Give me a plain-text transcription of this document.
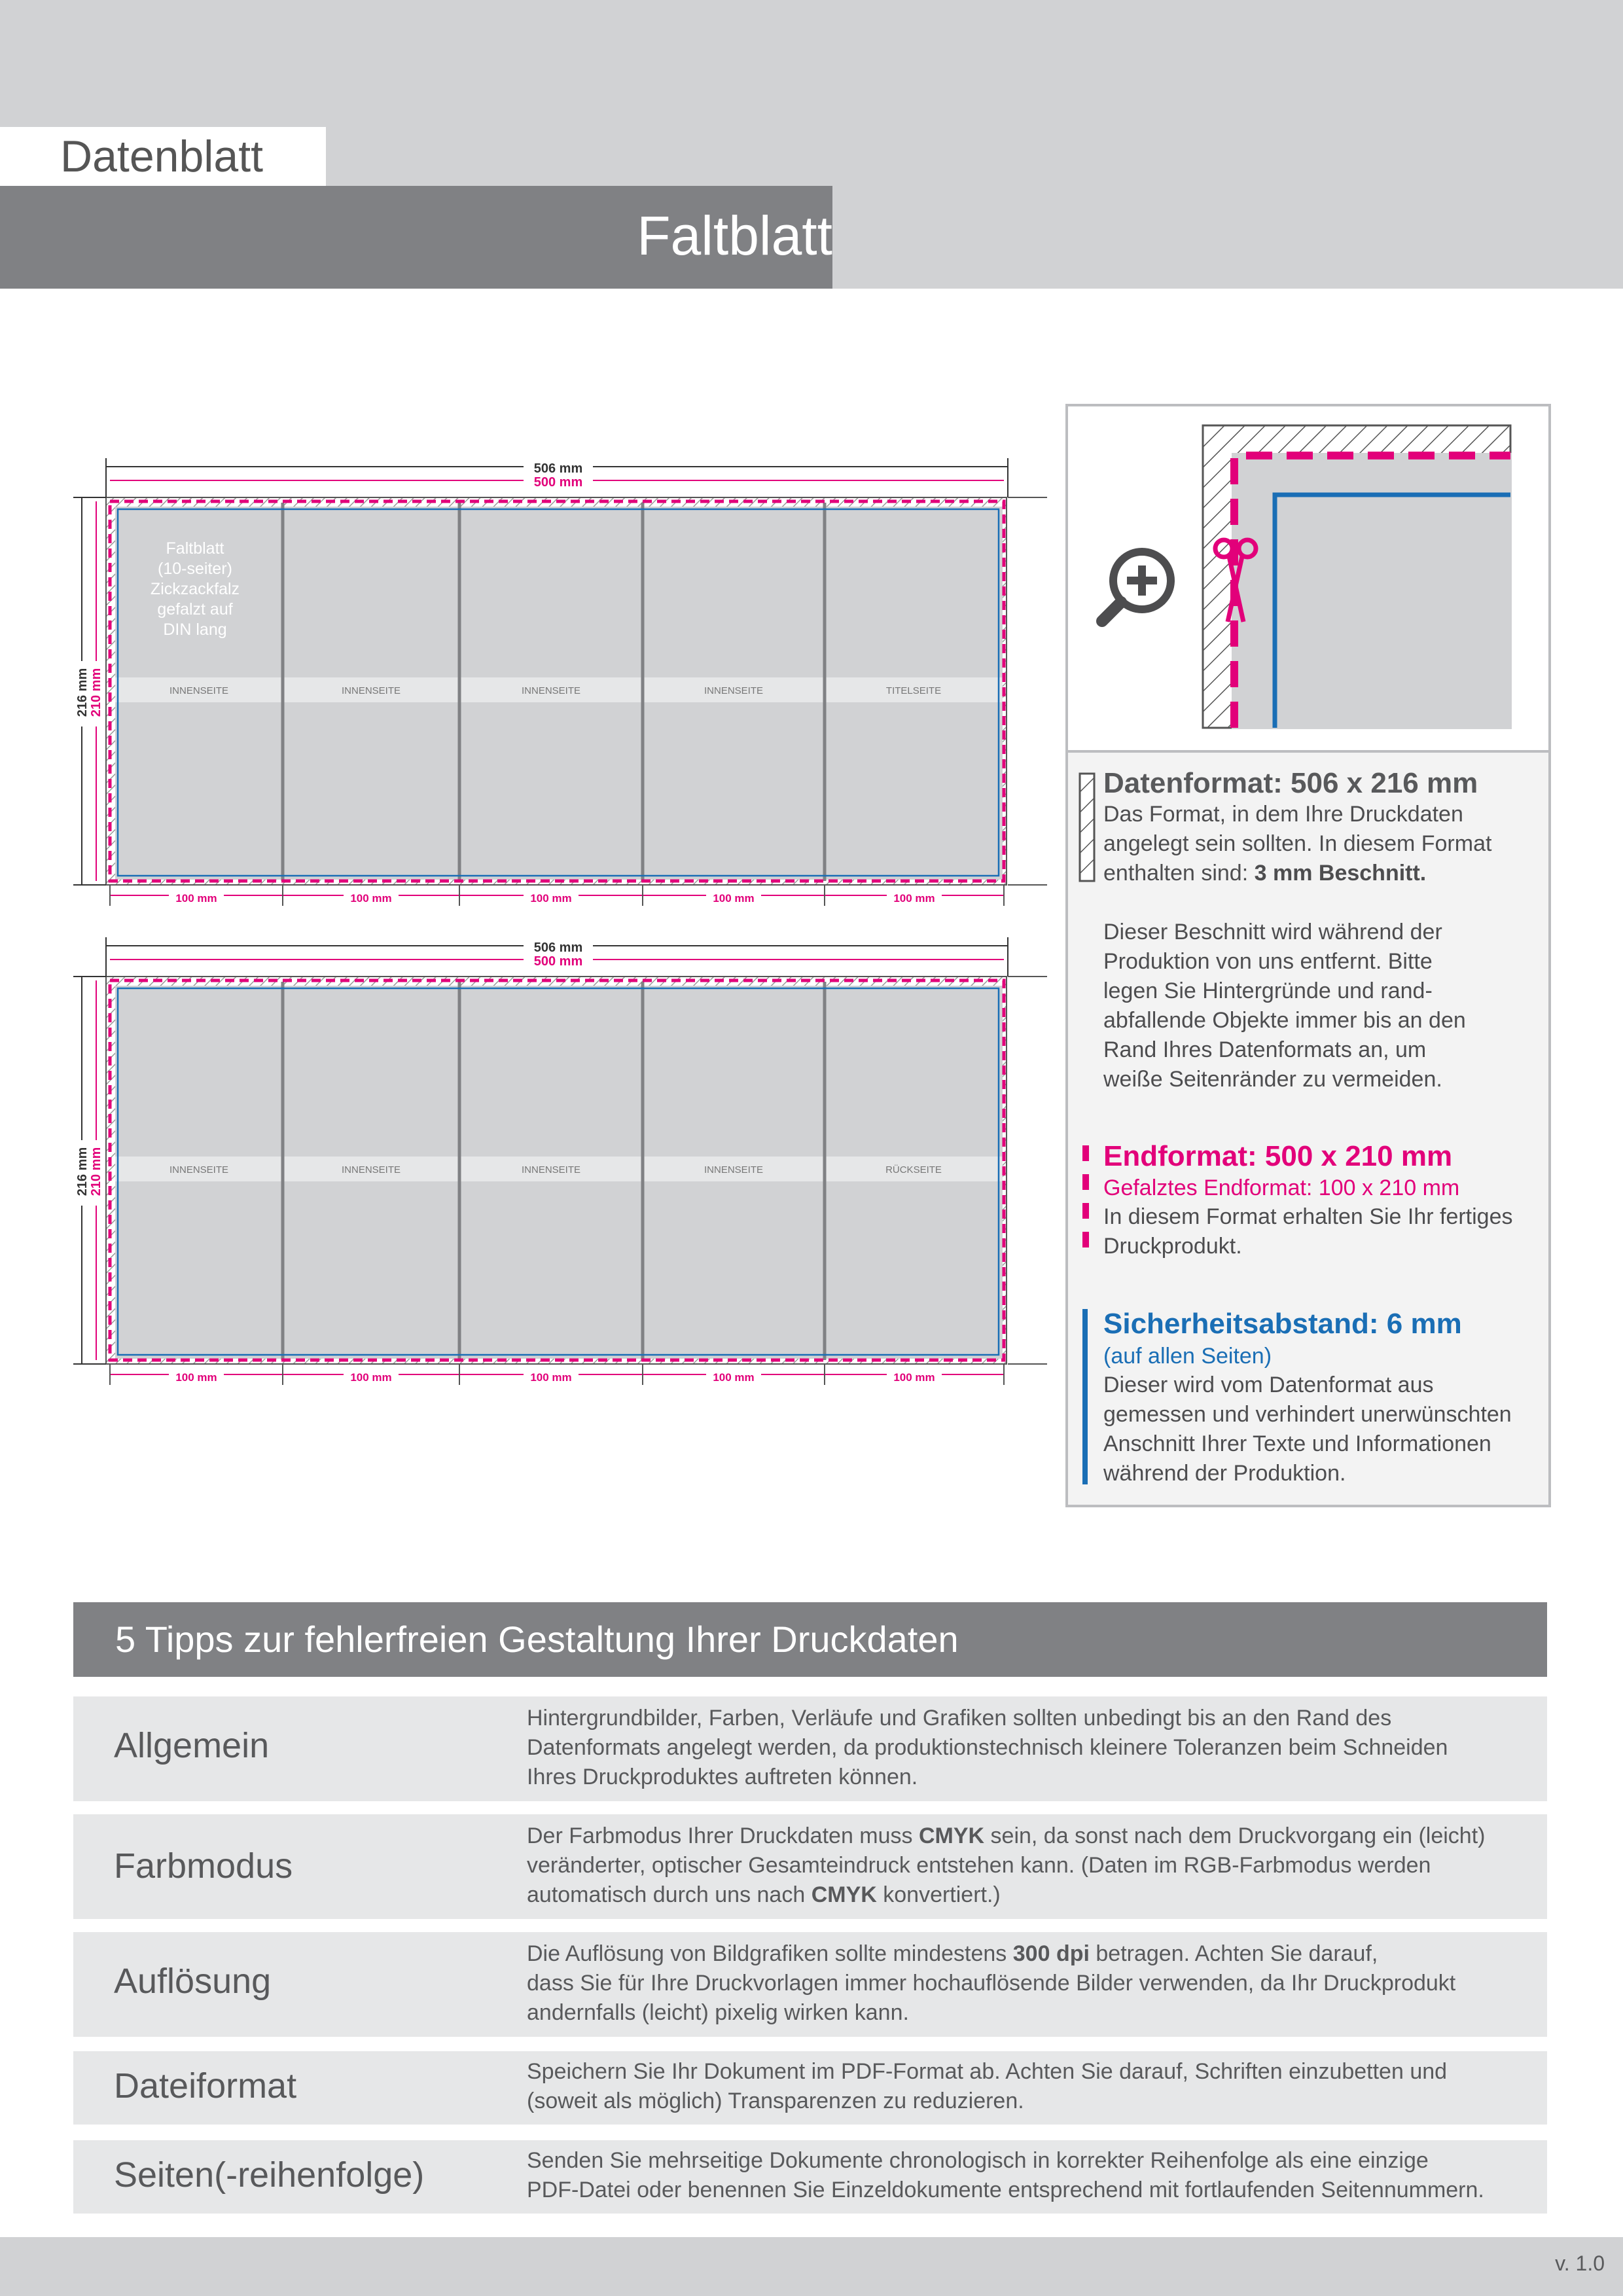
Datenblatt
Faltblatt
INNENSEITE	INNENSEITE	INNENSEITE	INNENSEITE	TITELSEITE
506 mm
500 mm
216 mm 210 mm
100 mm	100 mm	100 mm	100 mm	100 mm
Faltblatt
(10-seiter)
Zickzackfalz
gefalzt auf
DIN lang
INNENSEITE	INNENSEITE	INNENSEITE	INNENSEITE	RÜCKSEITE
506 mm
500 mm
216 mm 210 mm
100 mm	100 mm	100 mm	100 mm	100 mm
Datenformat: 506 x 216 mm
Das Format, in dem Ihre Druckdaten
angelegt sein sollten. In diesem Format
enthalten sind: 3 mm Beschnitt.
Dieser Beschnitt wird während der
Produktion von uns entfernt. Bitte
legen Sie Hintergründe und rand-
abfallende Objekte immer bis an den
Rand Ihres Datenformats an, um
weiße Seitenränder zu vermeiden.
Endformat: 500 x 210 mm
Gefalztes Endformat: 100 x 210 mm
In diesem Format erhalten Sie Ihr fertiges
Druckprodukt.
Sicherheitsabstand: 6 mm
(auf allen Seiten)
Dieser wird vom Datenformat aus
gemessen und verhindert unerwünschten
Anschnitt Ihrer Texte und Informationen
während der Produktion.
5 Tipps zur fehlerfreien Gestaltung Ihrer Druckdaten
Allgemein
Hintergrundbilder, Farben, Verläufe und Grafiken sollten unbedingt bis an den Rand des
Datenformats angelegt werden, da produktionstechnisch kleinere Toleranzen beim Schneiden
Ihres Druckproduktes auftreten können.
Farbmodus
Der Farbmodus Ihrer Druckdaten muss CMYK sein, da sonst nach dem Druckvorgang ein (leicht)
veränderter, optischer Gesamteindruck entstehen kann. (Daten im RGB-Farbmodus werden
automatisch durch uns nach CMYK konvertiert.)
Auflösung
Die Auflösung von Bildgrafiken sollte mindestens 300 dpi betragen. Achten Sie darauf,
dass Sie für Ihre Druckvorlagen immer hochauflösende Bilder verwenden, da Ihr Druckprodukt
andernfalls (leicht) pixelig wirken kann.
Dateiformat	Speichern Sie Ihr Dokument im PDF-Format ab. Achten Sie darauf, Schriften einzubetten und
(soweit als möglich) Transparenzen zu reduzieren.
Seiten(-reihenfolge)	Senden Sie mehrseitige Dokumente chronologisch in korrekter Reihenfolge als eine einzige
PDF-Datei oder benennen Sie Einzeldokumente entsprechend mit fortlaufenden Seitennummern.
v. 1.0
